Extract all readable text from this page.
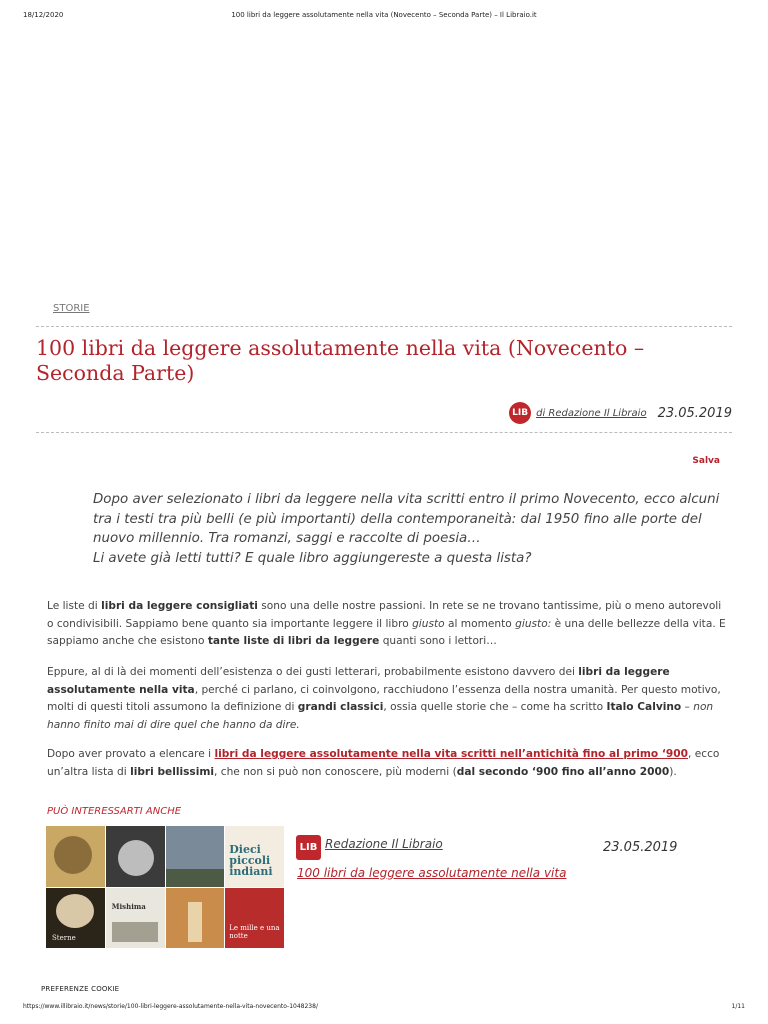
18/12/2020	100 libri da leggere assolutamente nella vita (Novecento – Seconda Parte) – Il Libraio.it
STORIE
100 libri da leggere assolutamente nella vita (Novecento – Seconda Parte)
LIB di Redazione Il Libraio 23.05.2019
Salva

Dopo aver selezionato i libri da leggere nella vita scritti entro il primo Novecento, ecco alcuni tra i testi tra più belli (e più importanti) della contemporaneità: dal 1950 fino alle porte del nuovo millennio. Tra romanzi, saggi e raccolte di poesia…

Li avete già letti tutti? E quale libro aggiungereste a questa lista?

Le liste di libri da leggere consigliati sono una delle nostre passioni. In rete se ne trovano tantissime, più o meno autorevoli o condivisibili. Sappiamo bene quanto sia importante leggere il libro giusto al momento giusto: è una delle bellezze della vita. E sappiamo anche che esistono tante liste di libri da leggere quanti sono i lettori…

Eppure, al di là dei momenti dell’esistenza o dei gusti letterari, probabilmente esistono davvero dei libri da leggere assolutamente nella vita, perché ci parlano, ci coinvolgono, racchiudono l’essenza della nostra umanità. Per questo motivo, molti di questi titoli assumono la definizione di grandi classici, ossia quelle storie che – come ha scritto Italo Calvino – non hanno finito mai di dire quel che hanno da dire.

Dopo aver provato a elencare i libri da leggere assolutamente nella vita scritti nell’antichità fino al primo ‘900, ecco un’altra lista di libri bellissimi, che non si può non conoscere, più moderni (dal secondo ‘900 fino all’anno 2000).

PUÒ INTERESSARTI ANCHE
Dieci piccoli indiani
Sterne
Mishima
Le mille e una notte
LIB Redazione Il Libraio	23.05.2019
100 libri da leggere assolutamente nella vita
PREFERENZE COOKIE
https://www.illibraio.it/news/storie/100-libri-leggere-assolutamente-nella-vita-novecento-1048238/	1/11
